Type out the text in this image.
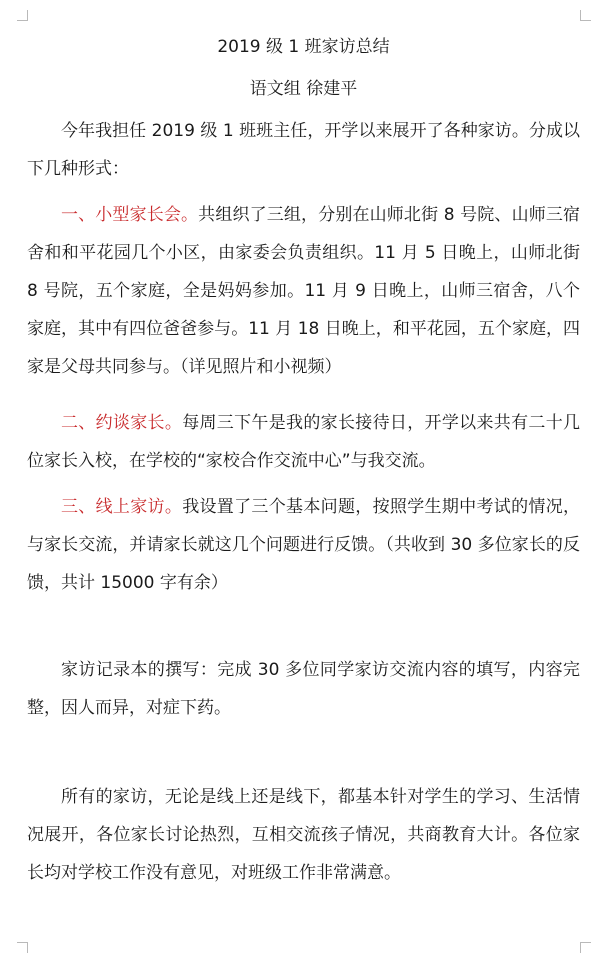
2019 级 1 班家访总结
语文组 徐建平

今年我担任 2019 级 1 班班主任，开学以来展开了各种家访。分成以下几种形式：

一、小型家长会。共组织了三组，分别在山师北街 8 号院、山师三宿舍和和平花园几个小区，由家委会负责组织。11 月 5 日晚上，山师北街 8 号院，五个家庭，全是妈妈参加。11 月 9 日晚上，山师三宿舍，八个家庭，其中有四位爸爸参与。11 月 18 日晚上，和平花园，五个家庭，四家是父母共同参与。（详见照片和小视频）

二、约谈家长。每周三下午是我的家长接待日，开学以来共有二十几位家长入校，在学校的“家校合作交流中心”与我交流。

三、线上家访。我设置了三个基本问题，按照学生期中考试的情况，与家长交流，并请家长就这几个问题进行反馈。（共收到 30 多位家长的反馈，共计 15000 字有余）

家访记录本的撰写：完成 30 多位同学家访交流内容的填写，内容完整，因人而异，对症下药。

所有的家访，无论是线上还是线下，都基本针对学生的学习、生活情况展开，各位家长讨论热烈，互相交流孩子情况，共商教育大计。各位家长均对学校工作没有意见，对班级工作非常满意。
